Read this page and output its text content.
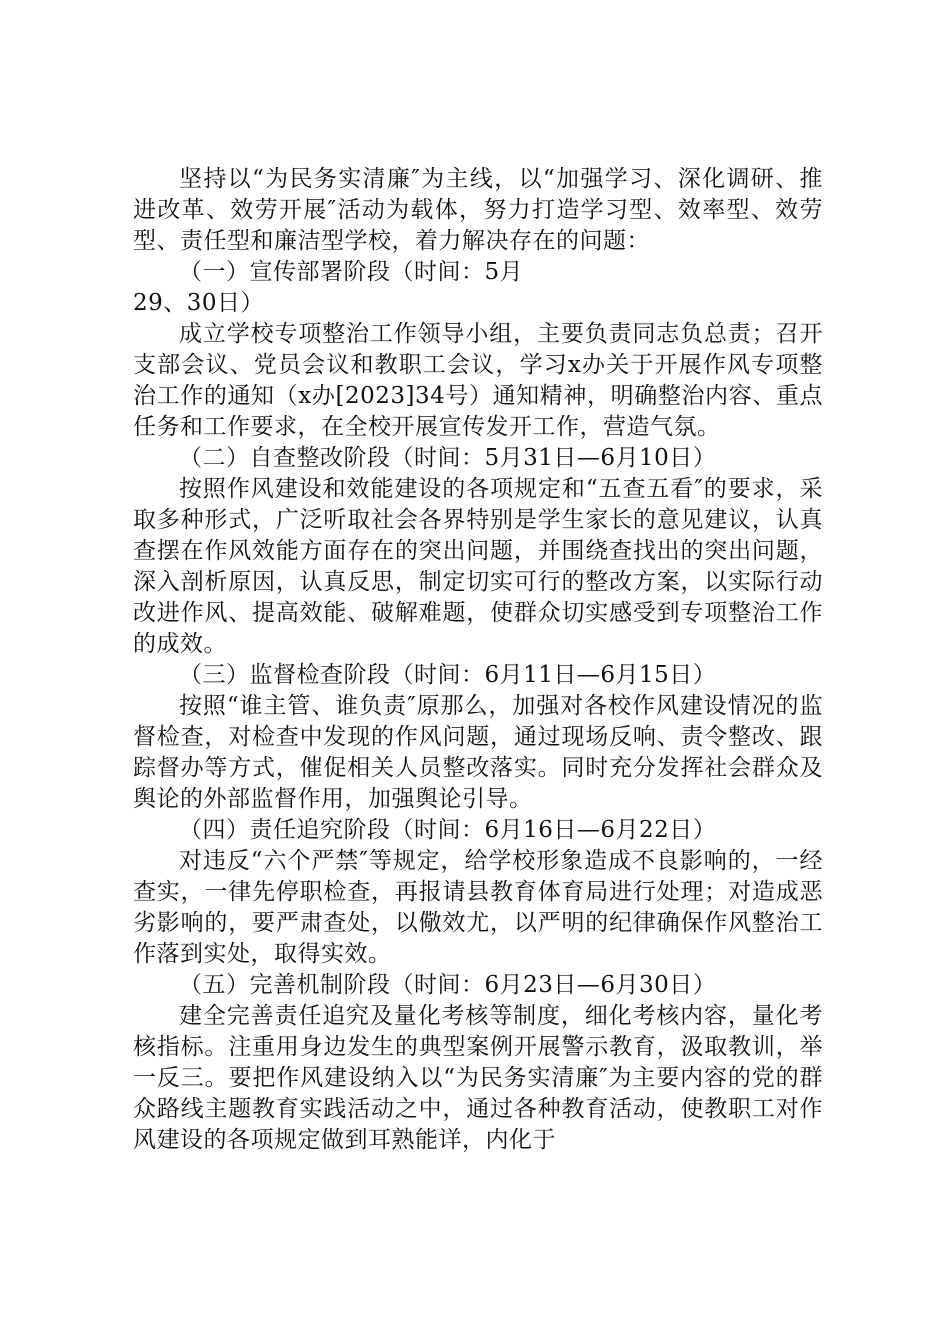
坚持以“为民务实清廉″为主线，以“加强学习、深化调研、推进改革、效劳开展″活动为载体，努力打造学习型、效率型、效劳型、责任型和廉洁型学校，着力解决存在的问题：

（一）宣传部署阶段（时间：5月

29、30日）

成立学校专项整治工作领导小组，主要负责同志负总责；召开支部会议、党员会议和教职工会议，学习x办关于开展作风专项整治工作的通知（x办[2023]34号）通知精神，明确整治内容、重点任务和工作要求，在全校开展宣传发开工作，营造气氛。

（二）自查整改阶段（时间：5月31日—6月10日）

按照作风建设和效能建设的各项规定和“五查五看″的要求，采取多种形式，广泛听取社会各界特别是学生家长的意见建议，认真查摆在作风效能方面存在的突出问题，并围绕查找出的突出问题，深入剖析原因，认真反思，制定切实可行的整改方案，以实际行动改进作风、提高效能、破解难题，使群众切实感受到专项整治工作的成效。

（三）监督检查阶段（时间：6月11日—6月15日）

按照“谁主管、谁负责″原那么，加强对各校作风建设情况的监督检查，对检查中发现的作风问题，通过现场反响、责令整改、跟踪督办等方式，催促相关人员整改落实。同时充分发挥社会群众及舆论的外部监督作用，加强舆论引导。

（四）责任追究阶段（时间：6月16日—6月22日）

对违反“六个严禁″等规定，给学校形象造成不良影响的，一经查实，一律先停职检查，再报请县教育体育局进行处理；对造成恶劣影响的，要严肃查处，以儆效尤，以严明的纪律确保作风整治工作落到实处，取得实效。

（五）完善机制阶段（时间：6月23日—6月30日）

建全完善责任追究及量化考核等制度，细化考核内容，量化考核指标。注重用身边发生的典型案例开展警示教育，汲取教训，举一反三。要把作风建设纳入以“为民务实清廉″为主要内容的党的群众路线主题教育实践活动之中，通过各种教育活动，使教职工对作风建设的各项规定做到耳熟能详，内化于
